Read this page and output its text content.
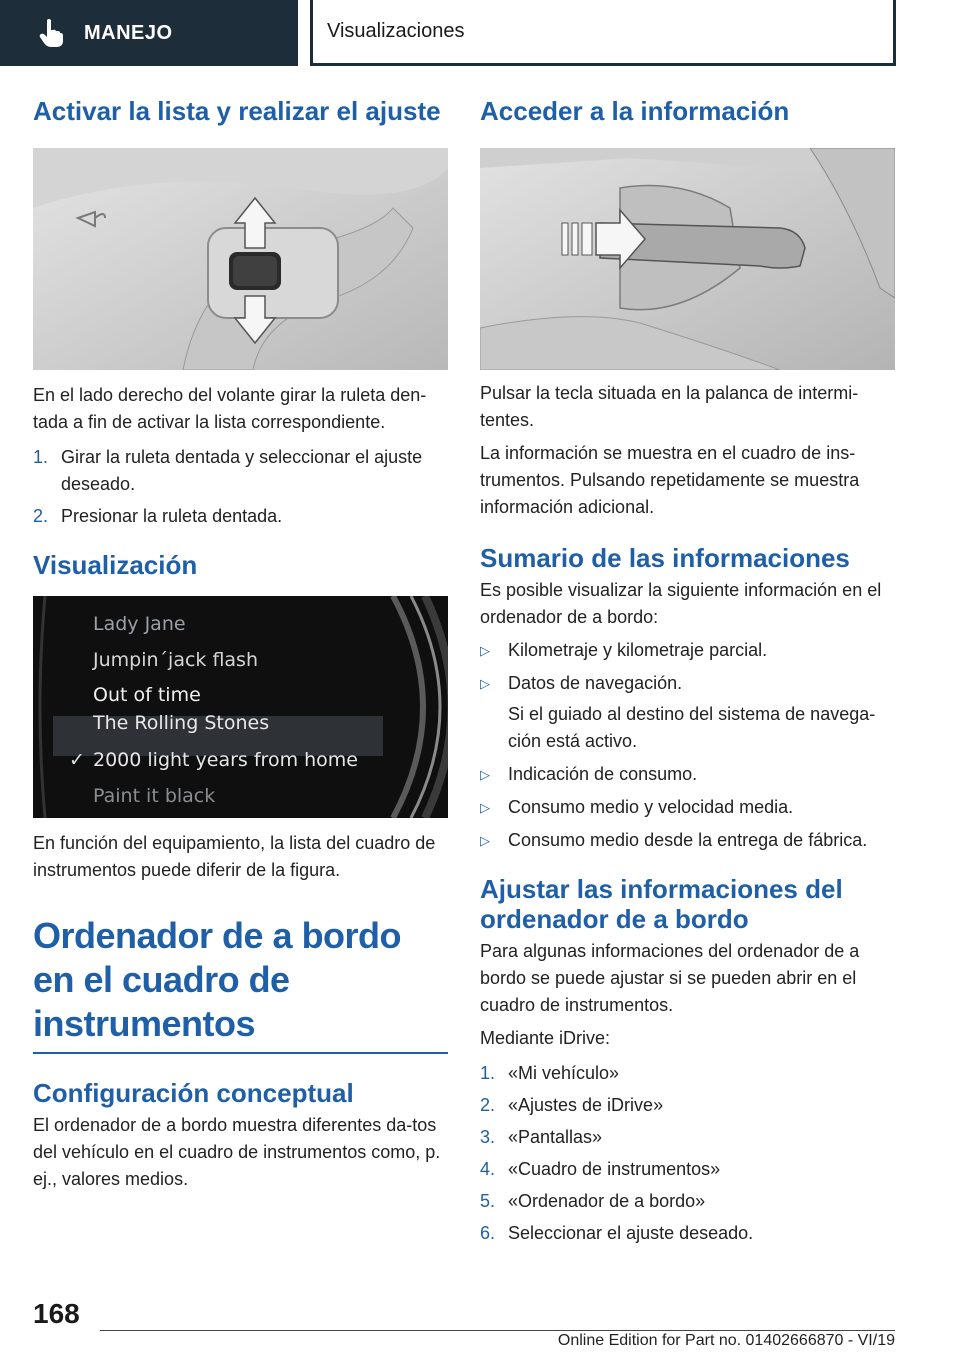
MANEJO	Visualizaciones
Activar la lista y realizar el ajuste

En el lado derecho del volante girar la ruleta den-tada a fin de activar la lista correspondiente.

1. Girar la ruleta dentada y seleccionar el ajuste deseado.
2. Presionar la ruleta dentada.
Visualización
Lady Jane
Jumpin´jack flash
Out of time
The Rolling Stones
✓ 2000 light years from home
Paint it black

En función del equipamiento, la lista del cuadro de instrumentos puede diferir de la figura.

Ordenador de a bordo en el cuadro de instrumentos
Configuración conceptual

El ordenador de a bordo muestra diferentes da-tos del vehículo en el cuadro de instrumentos como, p. ej., valores medios.

Acceder a la información

Pulsar la tecla situada en la palanca de intermi-tentes.

La información se muestra en el cuadro de ins-trumentos. Pulsando repetidamente se muestra información adicional.

Sumario de las informaciones

Es posible visualizar la siguiente información en el ordenador de a bordo:

▷	Kilometraje y kilometraje parcial.
▷	Datos de navegación.
Si el guiado al destino del sistema de navega-ción está activo.
▷	Indicación de consumo.
▷	Consumo medio y velocidad media.
▷	Consumo medio desde la entrega de fábrica.
Ajustar las informaciones del ordenador de a bordo

Para algunas informaciones del ordenador de a bordo se puede ajustar si se pueden abrir en el cuadro de instrumentos.

Mediante iDrive:

1. «Mi vehículo»
2. «Ajustes de iDrive»
3. «Pantallas»
4. «Cuadro de instrumentos»
5. «Ordenador de a bordo»
6. Seleccionar el ajuste deseado.
168
Online Edition for Part no. 01402666870 - VI/19
